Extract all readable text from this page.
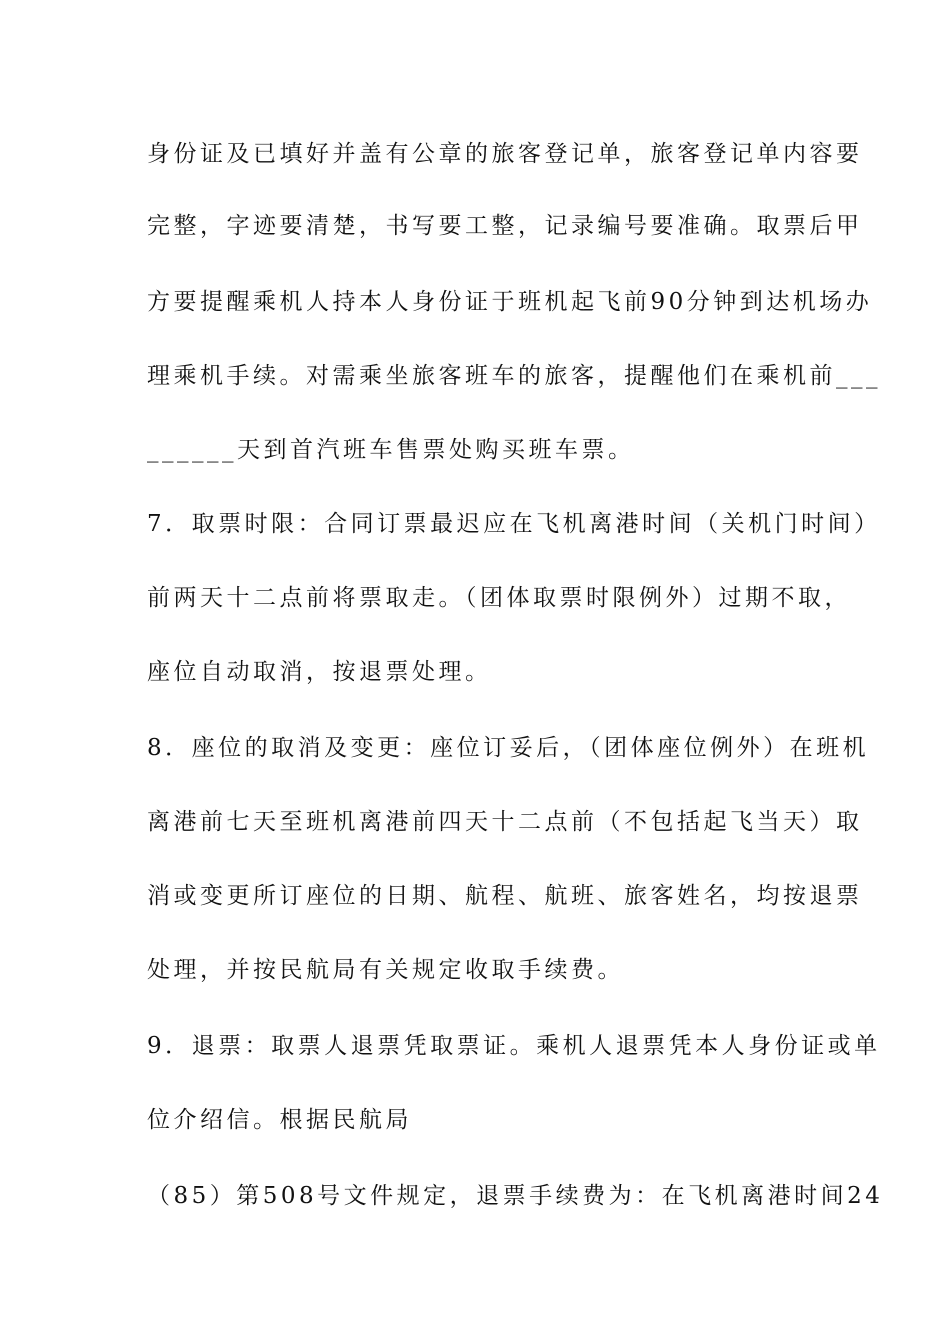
身份证及已填好并盖有公章的旅客登记单，旅客登记单内容要
完整，字迹要清楚，书写要工整，记录编号要准确。取票后甲
方要提醒乘机人持本人身份证于班机起飞前90分钟到达机场办
理乘机手续。对需乘坐旅客班车的旅客，提醒他们在乘机前___
______天到首汽班车售票处购买班车票。
7．取票时限：合同订票最迟应在飞机离港时间（关机门时间）
前两天十二点前将票取走。（团体取票时限例外）过期不取，
座位自动取消，按退票处理。
8．座位的取消及变更：座位订妥后，（团体座位例外）在班机
离港前七天至班机离港前四天十二点前（不包括起飞当天）取
消或变更所订座位的日期、航程、航班、旅客姓名，均按退票
处理，并按民航局有关规定收取手续费。
9．退票：取票人退票凭取票证。乘机人退票凭本人身份证或单
位介绍信。根据民航局
（85）第508号文件规定，退票手续费为：在飞机离港时间24
